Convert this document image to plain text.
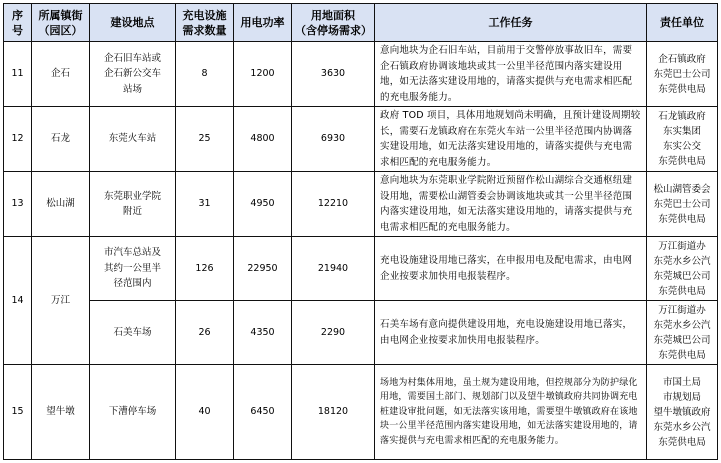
序号	所属镇街
（园区）	建设地点	充电设施
需求数量	用电功率	用地面积
（含停场需求）	工作任务	责任单位
11	企石	企石旧车站或
企石新公交车
站场	8	1200	3630	意向地块为企石旧车站，目前用于交警停放事故旧车，需要企石镇政府协调该地块或其一公里半径范围内落实建设用地，如无法落实建设用地的，请落实提供与充电需求相匹配的充电服务能力。	企石镇政府
东莞巴士公司
东莞供电局
12	石龙	东莞火车站	25	4800	6930	政府 TOD 项目，具体用地规划尚未明确，且预计建设周期较长，需要石龙镇政府在东莞火车站一公里半径范围内协调落实建设用地，如无法落实建设用地的，请落实提供与充电需求相匹配的充电服务能力。	石龙镇政府
东实集团
东实公交
东莞供电局
13	松山湖	东莞职业学院
附近	31	4950	12210	意向地块为东莞职业学院附近预留作松山湖综合交通枢纽建设用地，需要松山湖管委会协调该地块或其一公里半径范围内落实建设用地，如无法落实建设用地的，请落实提供与充电需求相匹配的充电服务能力。	松山湖管委会
东莞巴士公司
东莞供电局
14	万江	市汽车总站及
其约一公里半
径范围内	126	22950	21940	充电设施建设用地已落实，在申报用电及配电需求，由电网企业按要求加快用电报装程序。	万江街道办
东莞水乡公汽
东莞城巴公司
东莞供电局
		石美车场	26	4350	2290	石美车场有意向提供建设用地，充电设施建设用地已落实，由电网企业按要求加快用电报装程序。	万江街道办
东莞水乡公汽
东莞城巴公司
东莞供电局
15	望牛墩	下漕停车场	40	6450	18120	场地为村集体用地，虽土规为建设用地，但控规部分为防护绿化用地，需要国土部门、规划部门以及望牛墩镇政府共同协调充电桩建设审批问题，如无法落实该用地，需要望牛墩镇政府在该地块一公里半径范围内落实建设用地，如无法落实建设用地的，请落实提供与充电需求相匹配的充电服务能力。	市国土局
市规划局
望牛墩镇政府
东莞水乡公汽
东莞供电局
